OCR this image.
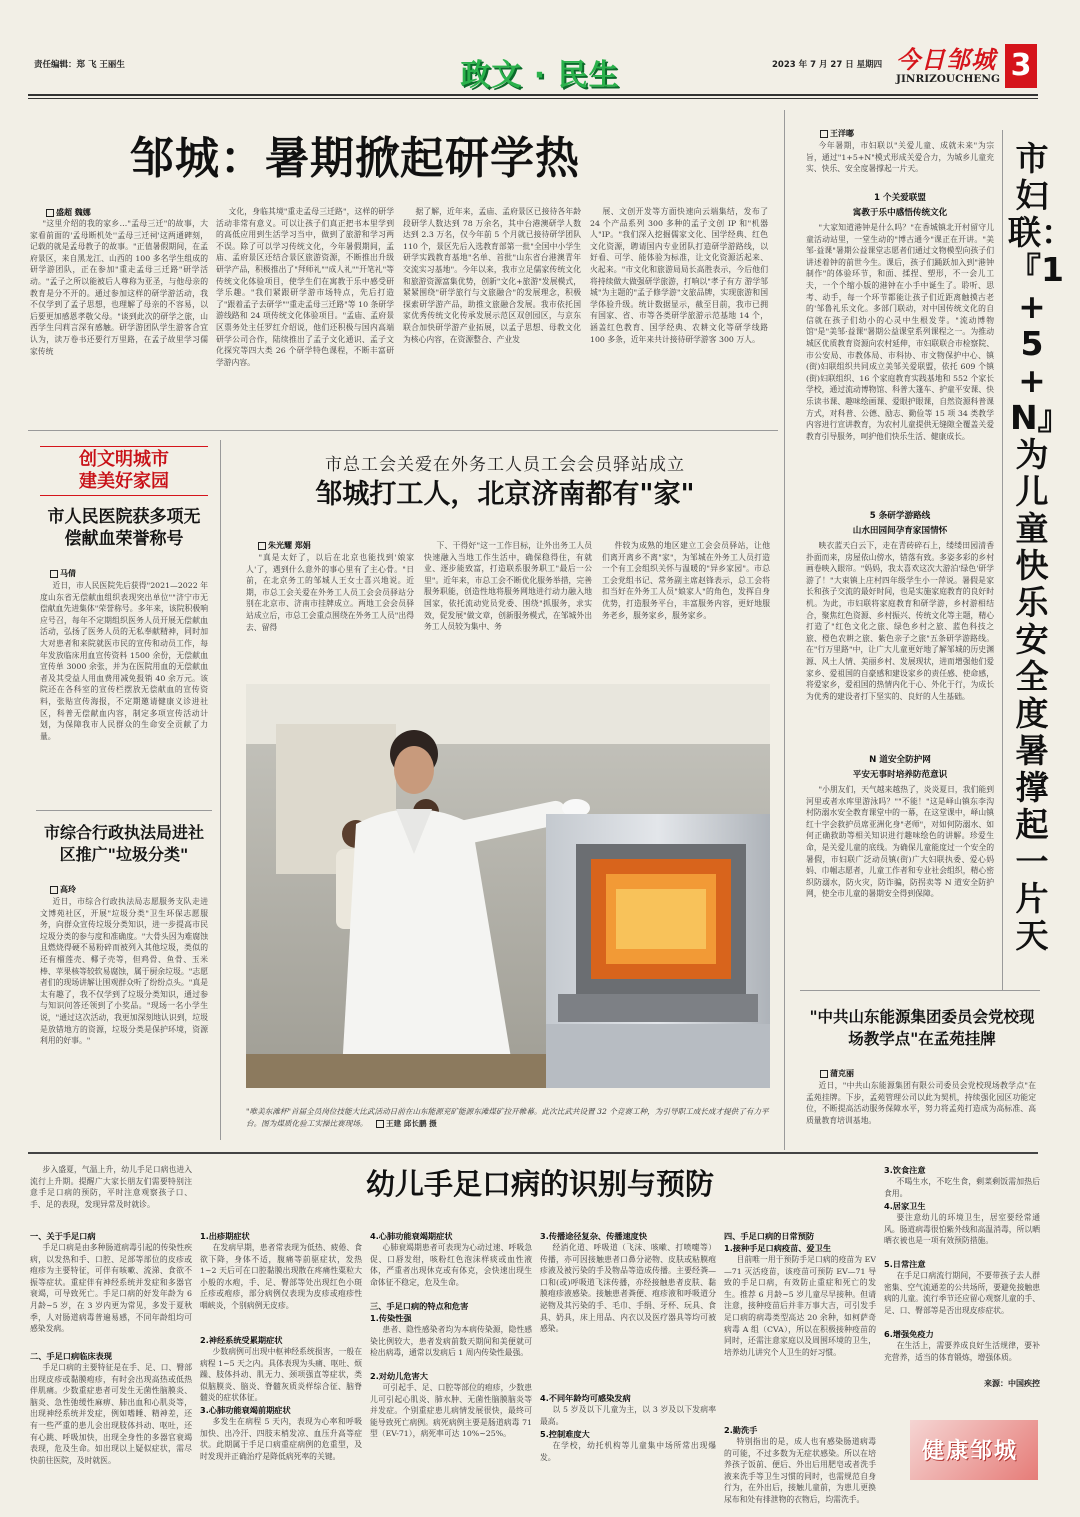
责任编辑：郑 飞 王丽生	政文 · 民生	2023 年 7 月 27 日 星期四 今日邹城
JINRIZOUCHENG 3
邹城：暑期掀起研学热
盛超 魏娜

"这里介绍的我的家乡…"孟母三迁"的故事，大家看前面的'孟母断机处''孟母三迁祠'这两通碑刻，记载的就是孟母教子的故事。"正值暑假期间，在孟府景区，来自黑龙江、山西的 100 多名学生组成的研学游团队，正在参加"重走孟母三迁路"研学活动。"孟子之所以能被后人尊称为亚圣，与他母亲的教育是分不开的。通过参加这样的研学游活动，我不仅学到了孟子思想，也理解了母亲的不容易，以后要更加感恩孝敬父母。"谈到此次的研学之旅，山西学生闫莉言深有感触。研学游团队学生游客合宜认为，读万卷书还要行万里路，在孟子故里学习儒家传统

文化，身临其境"重走孟母三迁路"，这样的研学活动非常有意义。可以让孩子们真正把书本里学到的高低应用到生活学习当中，做到了旅游和学习两不误。除了可以学习传统文化，今年暑假期间，孟庙、孟府景区还结合景区旅游资源，不断推出升级研学产品，积极推出了"拜师礼""成人礼""开笔礼"等传统文化体验项目，使学生们在寓教于乐中感受研学乐趣。"我们紧跟研学游市场特点，先后打造了"跟着孟子去研学""重走孟母三迁路"等 10 条研学游线路和 24 项传统文化体验项目。"孟庙、孟府景区票务处主任罗红介绍说，他们还积极与国内高端研学公司合作，陆续推出了孟子文化通识、孟子文化探究等四大类 26 个研学特色课程，不断丰富研学游内容。

据了解，近年来，孟庙、孟府景区已接待各年龄段研学人数达到 78 万余名，其中台港澳研学人数达到 2.3 万名，仅今年前 5 个月就已接待研学团队 110 个，景区先后入选教育部第一批"全国中小学生研学实践教育基地"名单、首批"山东省台港澳青年交流实习基地"。今年以来，我市立足儒家传统文化和旅游资源富集优势，创新"文化+旅游"发展模式，紧紧围绕"研学旅行与文旅融合"的发展理念，积极探索研学游产品，助推文旅融合发展。我市依托国家优秀传统文化传承发展示范区双创园区，与京东联合加快研学游产业拓展，以孟子思想、母教文化为核心内容，在资源整合、产业发

展、文创开发等方面快速向云端集结，发布了 24 个产品系列 300 多种的孟子文创 IP 和"机器人"IP。"我们深入挖掘儒家文化、国学经典、红色文化资源，聘请国内专业团队打造研学游路线，以好看、可学、能体验为标准，让文化资源活起来、火起来。"市文化和旅游局局长高胜表示，今后他们将持续做大做强研学旅游，打响以"孝子有方 游学邹城"为主题的"孟子修学游"文旅品牌，实现旅游和国学体验升级。统计数据显示，截至目前，我市已拥有国家、省、市等各类研学旅游示范基地 14 个，涵盖红色教育、国学经典、农耕文化等研学线路 100 多条，近年来共计接待研学游客 300 万人。

创文明城市
建美好家园
市人民医院获多项无偿献血荣誉称号
马倩

近日，市人民医院先后获得"2021—2022 年度山东省无偿献血组织表现突出单位""济宁市无偿献血先进集体"荣誉称号。多年来，该院积极响应号召，每年不定期组织医务人员开展无偿献血活动，弘扬了医务人员的无私奉献精神，同时加大对患者和来院就医市民的宣传和动员工作，每年发放临床用血宣传资料 1500 余份，无偿献血宣传单 3000 余张，并为在医院用血的无偿献血者及其受益人用血费用减免报销 40 余万元。该院还在各科室的宣传栏摆放无偿献血的宣传资料，张贴宣传海报，不定期邀请健康义诊进社区，科普无偿献血内容，制定多项宣传活动计划，为保障我市人民群众的生命安全贡献了力量。

市综合行政执法局进社区推广"垃圾分类"
高玲

近日，市综合行政执法局志愿服务支队走进文博苑社区，开展"垃圾分类"卫生环保志愿服务，向群众宣传垃圾分类知识，进一步提高市民垃圾分类的参与度和准确度。"大骨头因为难腐蚀且燃烧得硬不易粉碎而被列入其他垃圾，类似的还有榴莲壳、椰子壳等，但鸡骨、鱼骨、玉米棒、苹果核等较软易腐蚀，属于厨余垃圾。"志愿者们的现场讲解让围观群众听了纷纷点头。"真是太有趣了，我不仅学到了垃圾分类知识，通过参与知识问答还领到了小奖品。"现场一名小学生说，"通过这次活动，我更加深刻地认识到，垃圾是放错地方的资源，垃圾分类是保护环境，资源利用的好事。"

市总工会关爱在外务工人员工会会员驿站成立
邹城打工人，北京济南都有"家"
朱光耀 郑娟

"真是太好了，以后在北京也能找到'娘家人'了，遇到什么意外的事心里有了主心骨。"日前，在北京务工的邹城人王女士喜兴地说。近期，市总工会关爱在外务工人员工会会员驿站分别在北京市、济南市挂牌成立。两地工会会员驿站成立后，市总工会重点围绕在外务工人员"出得去、留得

下、干得好"这一工作目标，让外出务工人员快速融入当地工作生活中，确保稳得住，有就业、逐步能致富，打造联系服务职工"最后一公里"。近年来，市总工会不断优化服务举措，完善服务职能，创造性地将服务网地进行动力融入地国家，依托流动党员党委、围绕"抓服务，求实效，促发展"做文章，创新服务模式，在邹城外出务工人员较为集中、务

件较为成熟的地区建立工会会员驿站，让他们离开离乡不离"家"，为邹城在外务工人员打造一个有工会组织关怀与温暖的"异乡家园"。市总工会党组书记、常务副主席赵锋表示，总工会将扣当好在外务工人员"娘家人"的角色，发挥自身优势，打造服务平台，丰富服务内容，更好地服务老乡，服务家乡，服务家乡。

"唯美东滩杯"首届全员岗位技能大比武活动日前在山东能源兖矿能源东滩煤矿拉开帷幕。此次比武共设置 32 个竞赛工种，为引导职工成长成才提供了有力平台。图为煤质化验工实操比赛现场。 王建 邱长鹏 摄
王洋嘟
市妇联：『1+5+N』为儿童快乐安全度暑撑起一片天

今年暑期，市妇联以"关爱儿童、成就未来"为宗旨，通过"1+5+N"模式形成关爱合力，为城乡儿童充实、快乐、安全度暑撑起一片天。

1 个关爱联盟
寓教于乐中感悟传统文化

"大家知道港钟是什么吗？"在香城镇北开村留守儿童活动站里，一堂生动的"博古通今"课正在开讲。"美邹·益课"暑期公益课堂志愿者们通过文物模型向孩子们讲述着钟的前世今生。课后，孩子们踊跃加入到"港钟制作"的体验环节，和面、揉捏、塑形，不一会儿工夫，一个个缩小版的港钟在小手中诞生了。聆听、思考、动手，每一个环节都能让孩子们近距离触摸古老的'邹鲁礼乐文化。多部门联动，对中国传统文化的自信就在孩子们幼小的心灵中生根发芽。"流动博物馆"是"美邹·益课"暑期公益课堂系列课程之一。为推动城区优质教育资源向农村延伸，市妇联联合市检察院、市公安局、市教体局、市科协、市文物保护中心、镇(街)妇联组织共同成立美邹关爱联盟，依托 609 个镇(街)妇联组织、16 个家庭教育实践基地和 552 个家长学校，通过流动博物馆、科普大篷车、护童平安课、快乐读书课、趣味绘画课、爱眼护眼课，自然资源科普课方式，对科普、公德、励志、勤俭等 15 项 34 类教学内容进行宣讲教育，为农村儿童提供无缝隙全覆盖关爱教育引导服务，呵护他们快乐生活、健康成长。

5 条研学游路线
山水田园间孕育家国情怀

映衣蓝天白云下，走在青砖碎石上，缕缕田园清香扑面而来，房屋依山傍水，错落有致。多姿多彩的乡村画卷映入眼帘。"妈妈，我太喜欢这次大游泊'绿色'研学游了！"大束镇上庄村四年级学生小一萍说。暑假是家长和孩子交流的最好时间，也是实施家庭教育的良好时机。为此，市妇联将家庭教育和研学游，乡村游相结合，聚焦红色资源、乡村振兴、传统文化等主题，精心打造了"红色文化之旅、绿色乡村之旅、蓝色科技之旅、橙色农耕之旅、紫色亲子之旅"五条研学游路线。在"行万里路"中，让广大儿童更好地了解邹城的历史渊源、风土人情、美丽乡村、发展现状，进而增强他们爱家乡、爱祖国的自豪感和建设家乡的责任感、使命感，将爱家乡，爱祖国的热情内化于心、外化于行，为成长为优秀的建设者打下坚实的、良好的人生基础。

N 道安全防护网
平安无事时培养防范意识

"小朋友们，天气越来越热了，炎炎夏日，我们能到河里或者水库里游泳吗？""不能！"这是峄山镇东李沟村防溺水安全教育课堂中的一幕，在这堂课中，峄山镇红十字会救护员席亚洲化身"老师"，对如何防溺水、如何正确救助等相关知识进行趣味绘色的讲解。珍爱生命，是关爱儿童的底线。为确保儿童能度过一个安全的暑假，市妇联广泛动员镇(街)广大妇联执委、爱心妈妈、巾帼志愿者，儿童工作者和专业社会组织，精心密织防溺水，防火灾，防诈骗，防拐卖等 N 道安全防护网，使全市儿童的暑期安全得到保障。

"中共山东能源集团委员会党校现场教学点"在孟苑挂牌
蒲克丽

近日，"中共山东能源集团有限公司委员会党校现场教学点"在孟苑挂牌。下步，孟苑管理公司以此为契机，持续强化园区功能定位，不断提高活动服务保障水平，努力将孟苑打造成为高标准、高质量教育培训基地。

步入盛夏，气温上升，幼儿手足口病也进入流行上升期。提醒广大家长朋友们需要特别注意手足口病的预防，平时注意观察孩子口、手、足的表现，发现异常及时就诊。

幼儿手足口病的识别与预防
一、关于手足口病

手足口病是由多种肠道病毒引起的传染性疾病，以发热和手、口腔、足部等部位的皮疹或疱疹为主要特征，可伴有咳嗽、流涕、食欲不振等症状。重症伴有神经系统并发症和多器官衰竭，可导致死亡。手足口病的好发年龄为 6 月龄~5 岁，在 3 岁内更为常见，多发于夏秋季，人对肠道病毒普遍易感，不同年龄组均可感染发病。

二、手足口病临床表现

手足口病的主要特征是在手、足、口、臀部出现皮疹或黏膜疱疹，有时会出现高热或低热伴肌痛。少数重症患者可发生无菌性脑膜炎、脑炎、急性弛缓性麻痹、肺出血和心肌炎等，出现神经系统并发症，例如嗜睡、精神差，还有一些严重的患儿会出现肢体抖动、呕吐，还有心跳、呼吸加快，出现全身性的多器官衰竭表现，危及生命。如出现以上疑似症状，需尽快前往医院，及时就医。

1.出疹期症状

在发病早期，患者常表现为低热、疲倦、食欲下降，身体不适，腹痛等前驱症状，发热 1~2 天后可在口腔黏膜出现散在疼痛性粟粒大小般的水疱，手、足、臀部等处出现红色小斑丘疹或疱疹，部分病例仅表现为皮疹或疱疹性咽峡炎，个别病例无皮疹。

2.神经系统受累期症状

少数病例可出现中枢神经系统损害，一般在病程 1~5 天之内。具体表现为头痛、呕吐、烦躁、肢体抖动、肌无力、颈项强直等症状，类似脑膜炎、脑炎、脊髓灰质炎样综合征、脑脊髓炎的症状体征。

3.心肺功能衰竭前期症状

多发生在病程 5 天内，表现为心率和呼吸加快、出冷汗、四肢末梢发凉、血压升高等症状。此期属于手足口病重症病例的危重型，及时发现并正确治疗是降低病死率的关键。

4.心肺功能衰竭期症状

心肺衰竭期患者可表现为心动过速、呼吸急促、口唇发绀，咳粉红色泡沫样痰或血性液体，严重者出现休克或有体克，会快速出现生命体征不稳定，危及生命。

三、手足口病的特点和危害
1.传染性强

患者、隐性感染者均为本病传染源，隐性感染比例较大，患者发病前数天期间和美便就可检出病毒，通常以发病后 1 周内传染性最强。

2.对幼儿危害大

可引起手、足、口腔等部位的疱疹，少数患儿可引起心肌炎、肺水肿、无菌性脑膜脑炎等并发症。个别重症患儿病情发展很快，最终可能导致死亡病例。病死病例主要是肠道病毒 71 型（EV-71），病死率可达 10%~25%。

3.传播途径复杂、传播速度快

经消化道、呼吸道（飞沫、咳嗽、打喷嚏等）传播，亦可因接触患者口鼻分泌物、皮肤或粘膜疱疹液及被污染的手及物品等造成传播。主要经粪—口和(或)呼吸道飞沫传播，亦经接触患者皮肤、黏膜疱疹液感染。接触患者粪便、疱疹液和呼吸道分泌物及其污染的手、毛巾、手绢、牙杯、玩具、食具、奶具，床上用品、内衣以及医疗器具等均可被感染。

4.不同年龄均可感染发病

以 5 岁及以下儿童为主，以 3 岁及以下发病率最高。

5.控制难度大

在学校，幼托机构等儿童集中场所常出现爆发。

四、手足口病的日常预防
1.接种手足口病疫苗、爱卫生

目前唯一用于预防手足口病的疫苗为 EV—71 灭活疫苗，该疫苗可预防 EV—71 导致的手足口病，有效防止重症和死亡的发生。推荐 6 月龄~5 岁儿童尽早接种。但请注意，接种疫苗后并非万事大吉，可引发手足口病的病毒类型高达 20 余种，如柯萨奇病毒 A 组（CVA），所以在积极接种疫苗的同时，还需注意家庭以及周围环境的卫生，培养幼儿讲究个人卫生的好习惯。

2.勤洗手

特别指出的是，成人也有感染肠道病毒的可能，不过多数为无症状感染。所以在培养孩子饭前、便后、外出后用肥皂或者洗手液来洗手等卫生习惯的同时，也需规范自身行为，在外出后，接触儿童前，为患儿更换尿布和处有排泄物的衣物后，均需洗手。

3.饮食注意

不喝生水，不吃生食，剩菜剩饭需加热后食用。

4.居家卫生

要注意幼儿的环境卫生，居室要经常通风。肠道病毒很怕紫外线和高温消毒，所以晒晒衣被也是一项有效预防措施。

5.日常注意

在手足口病流行期间，不要带孩子去人群密集、空气流通差的公共场所，要避免接触患病的儿童。流行季节还应留心观察儿童的手、足、口、臀部等是否出现皮疹症状。

6.增强免疫力

在生活上，需要养成良好生活规律，要补充营养，适当的体育锻炼，增强体质。

来源：中国疾控
健康邹城
